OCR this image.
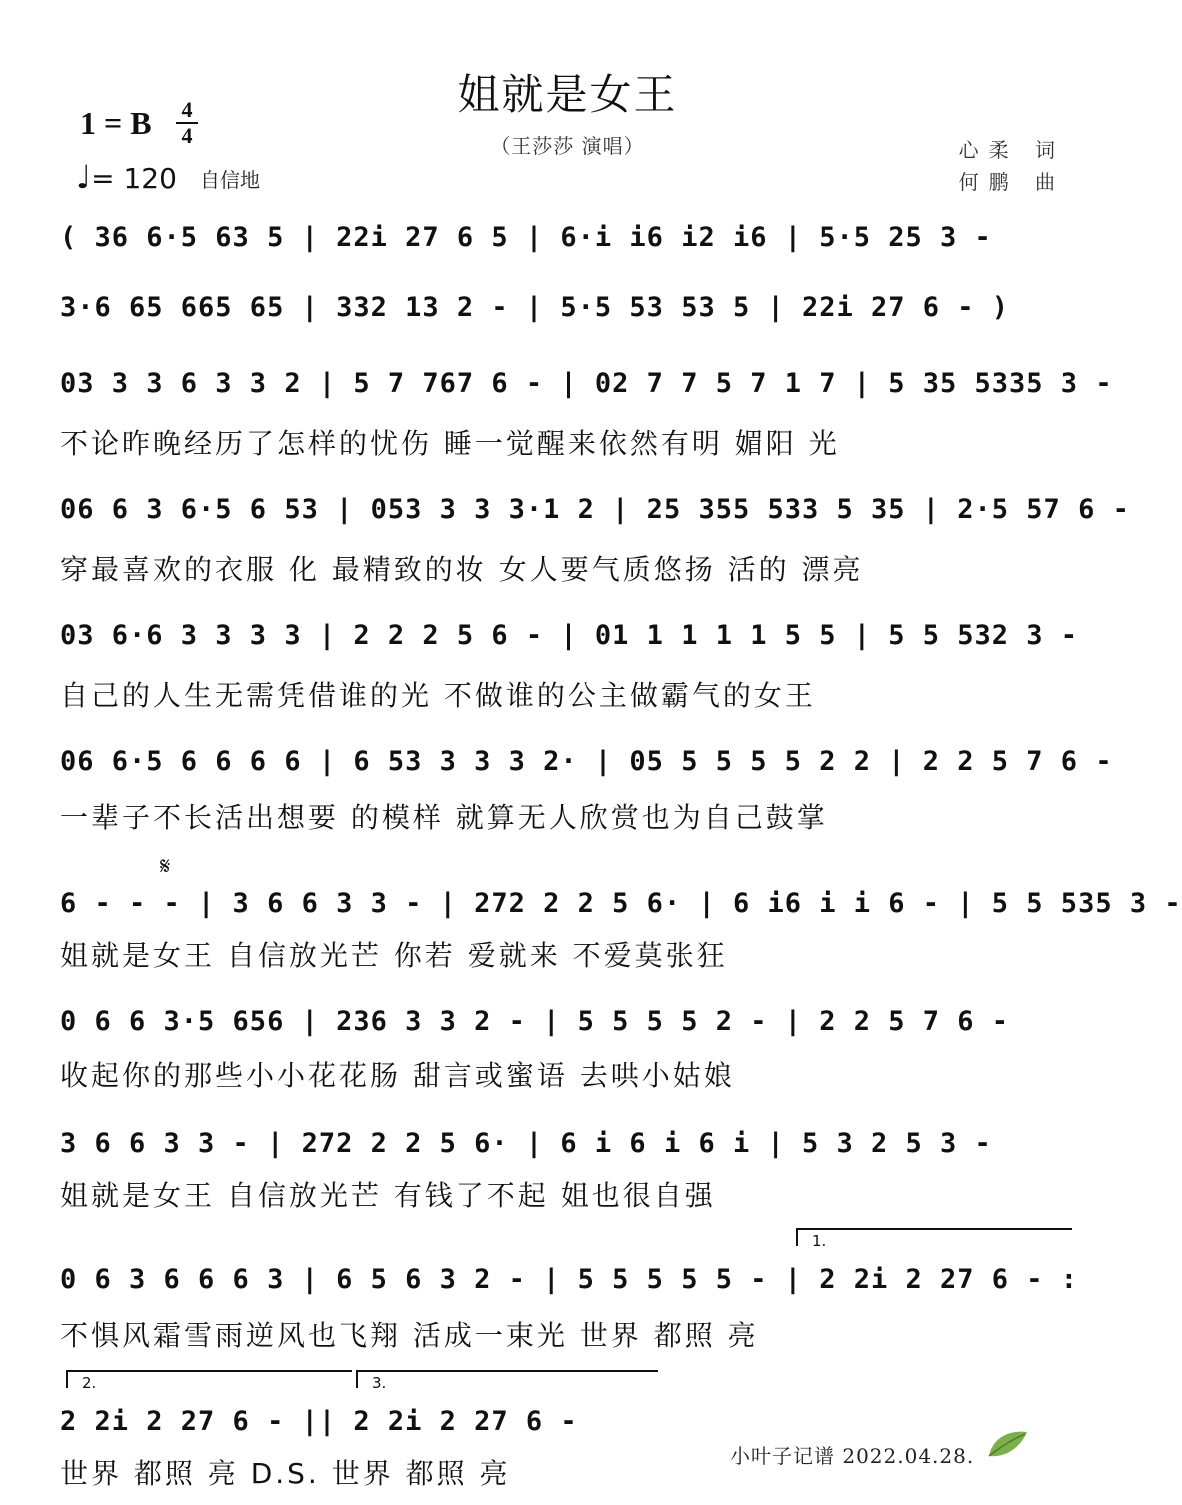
姐就是女王
（王莎莎 演唱）	心柔 词
何鹏 曲
1 = B 4
4
♩= 120 自信地
( 36 6·5 63 5 | 22i 27 6 5 | 6·i i6 i2 i6 | 5·5 25 3 -
3·6 65 665 65 | 332 13 2 - | 5·5 53 53 5 | 22i 27 6 - )
03 3 3 6 3 3 2 | 5 7 767 6 - | 02 7 7 5 7 1 7 | 5 35 5335 3 -
不论昨晚经历了怎样的忧伤 睡一觉醒来依然有明 媚阳 光
06 6 3 6·5 6 53 | 053 3 3 3·1 2 | 25 355 533 5 35 | 2·5 57 6 -
穿最喜欢的衣服 化 最精致的妆 女人要气质悠扬 活的 漂亮
03 6·6 3 3 3 3 | 2 2 2 5 6 - | 01 1 1 1 1 5 5 | 5 5 532 3 -
自己的人生无需凭借谁的光 不做谁的公主做霸气的女王
06 6·5 6 6 6 6 | 6 53 3 3 3 2· | 05 5 5 5 5 2 2 | 2 2 5 7 6 -
一辈子不长活出想要 的模样 就算无人欣赏也为自己鼓掌
𝄋
6 - - - | 3 6 6 3 3 - | 272 2 2 5 6· | 6 i6 i i 6 - | 5 5 535 3 -
姐就是女王 自信放光芒 你若 爱就来 不爱莫张狂
0 6 6 3·5 656 | 236 3 3 2 - | 5 5 5 5 2 - | 2 2 5 7 6 -
收起你的那些小小花花肠 甜言或蜜语 去哄小姑娘
3 6 6 3 3 - | 272 2 2 5 6· | 6 i 6 i 6 i | 5 3 2 5 3 -
姐就是女王 自信放光芒 有钱了不起 姐也很自强
1.
0 6 3 6 6 6 3 | 6 5 6 3 2 - | 5 5 5 5 5 - | 2 2i 2 27 6 - :
不惧风霜雪雨逆风也飞翔 活成一束光 世界 都照 亮
2.	3.
2 2i 2 27 6 - || 2 2i 2 27 6 -
世界 都照 亮 D.S. 世界 都照 亮
小叶子记谱 2022.04.28.
